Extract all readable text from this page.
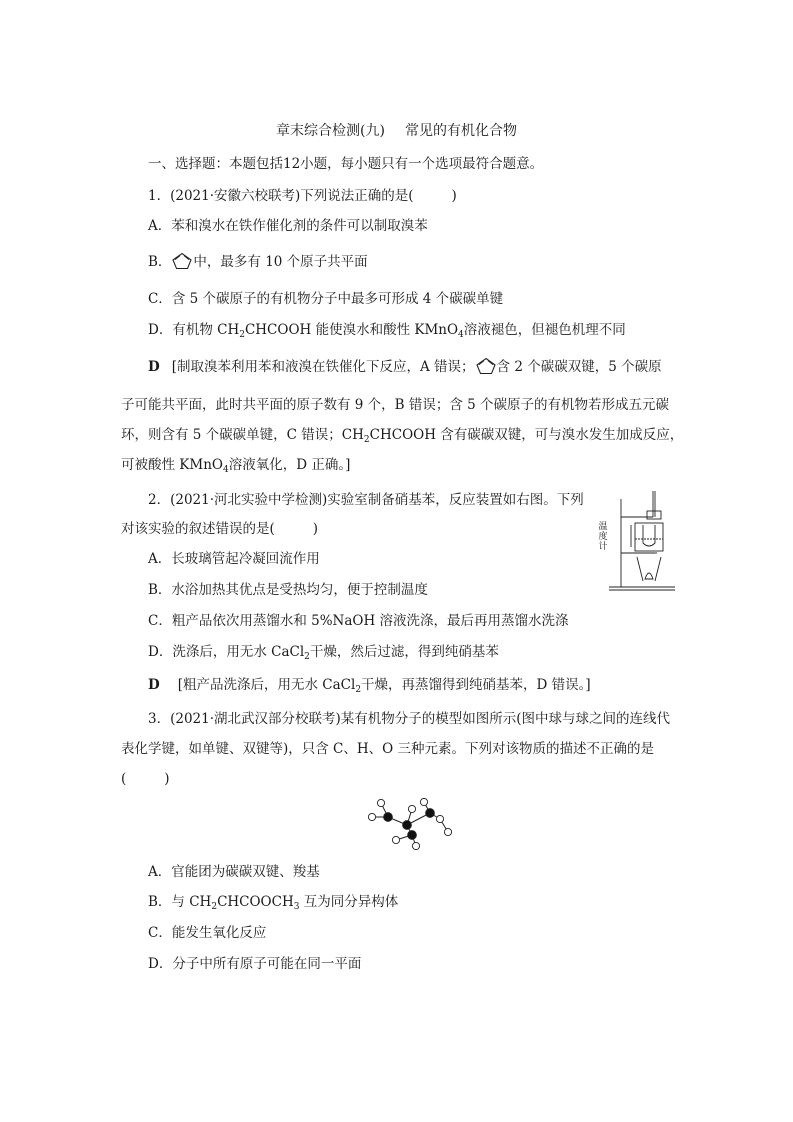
章末综合检测(九) 常见的有机化合物
一、选择题：本题包括12小题，每小题只有一个选项最符合题意。
1．(2021·安徽六校联考)下列说法正确的是(	)
A．苯和溴水在铁作催化剂的条件可以制取溴苯
B． 中，最多有 10 个原子共平面
C．含 5 个碳原子的有机物分子中最多可形成 4 个碳碳单键
D．有机物 $CH_2CHCOOH$ 能使溴水和酸性 KMnO$_4$溶液褪色，但褪色机理不同
D [制取溴苯利用苯和液溴在铁催化下反应，A 错误； 含 2 个碳碳双键，5 个碳原
子可能共平面，此时共平面的原子数有 9 个，B 错误；含 5 个碳原子的有机物若形成五元碳
环，则含有 5 个碳碳单键，C 错误；$CH_2CHCOOH$ 含有碳碳双键，可与溴水发生加成反应，
可被酸性 KMnO$_4$溶液氧化，D 正确。]
2．(2021·河北实验中学检测)实验室制备硝基苯，反应装置如右图。下列
对该实验的叙述错误的是(	)
A．长玻璃管起冷凝回流作用
B．水浴加热其优点是受热均匀，便于控制温度
C．粗产品依次用蒸馏水和 5%NaOH 溶液洗涤，最后再用蒸馏水洗涤
D．洗涤后，用无水 CaCl$_2$干燥，然后过滤，得到纯硝基苯
D [粗产品洗涤后，用无水 CaCl$_2$干燥，再蒸馏得到纯硝基苯，D 错误。]
温
度
计
3．(2021·湖北武汉部分校联考)某有机物分子的模型如图所示(图中球与球之间的连线代
表化学键，如单键、双键等)，只含 C、H、O 三种元素。下列对该物质的描述不正确的是
(	)
A．官能团为碳碳双键、羧基
B．与 $CH_2CHCOOCH_3$ 互为同分异构体
C．能发生氧化反应
D．分子中所有原子可能在同一平面
